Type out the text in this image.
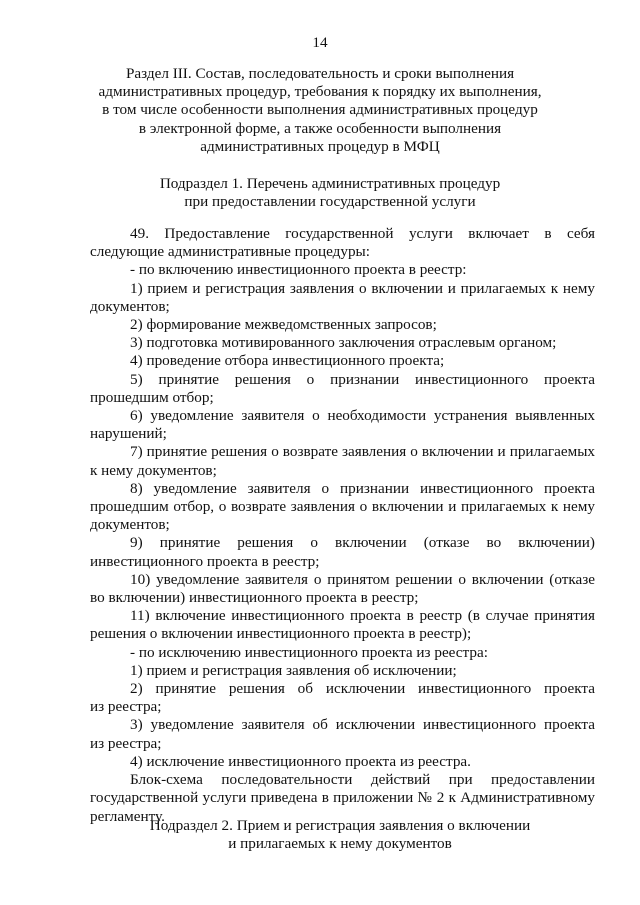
14
Раздел III. Состав, последовательность и сроки выполнения
административных процедур, требования к порядку их выполнения,
в том числе особенности выполнения административных процедур
в электронной форме, а также особенности выполнения
административных процедур в МФЦ
Подраздел 1. Перечень административных процедур
при предоставлении государственной услуги
49. Предоставление государственной услуги включает в себя
следующие административные процедуры:
- по включению инвестиционного проекта в реестр:
1) прием и регистрация заявления о включении и прилагаемых к нему
документов;
2) формирование межведомственных запросов;
3) подготовка мотивированного заключения отраслевым органом;
4) проведение отбора инвестиционного проекта;
5) принятие решения о признании инвестиционного проекта
прошедшим отбор;
6) уведомление заявителя о необходимости устранения выявленных
нарушений;
7) принятие решения о возврате заявления о включении и прилагаемых
к нему документов;
8) уведомление заявителя о признании инвестиционного проекта
прошедшим отбор, о возврате заявления о включении и прилагаемых к нему
документов;
9) принятие решения о включении (отказе во включении)
инвестиционного проекта в реестр;
10) уведомление заявителя о принятом решении о включении (отказе
во включении) инвестиционного проекта в реестр;
11) включение инвестиционного проекта в реестр (в случае принятия
решения о включении инвестиционного проекта в реестр);
- по исключению инвестиционного проекта из реестра:
1) прием и регистрация заявления об исключении;
2) принятие решения об исключении инвестиционного проекта
из реестра;
3) уведомление заявителя об исключении инвестиционного проекта
из реестра;
4) исключение инвестиционного проекта из реестра.
Блок-схема последовательности действий при предоставлении
государственной услуги приведена в приложении № 2 к Административному
регламенту.
Подраздел 2. Прием и регистрация заявления о включении
и прилагаемых к нему документов
